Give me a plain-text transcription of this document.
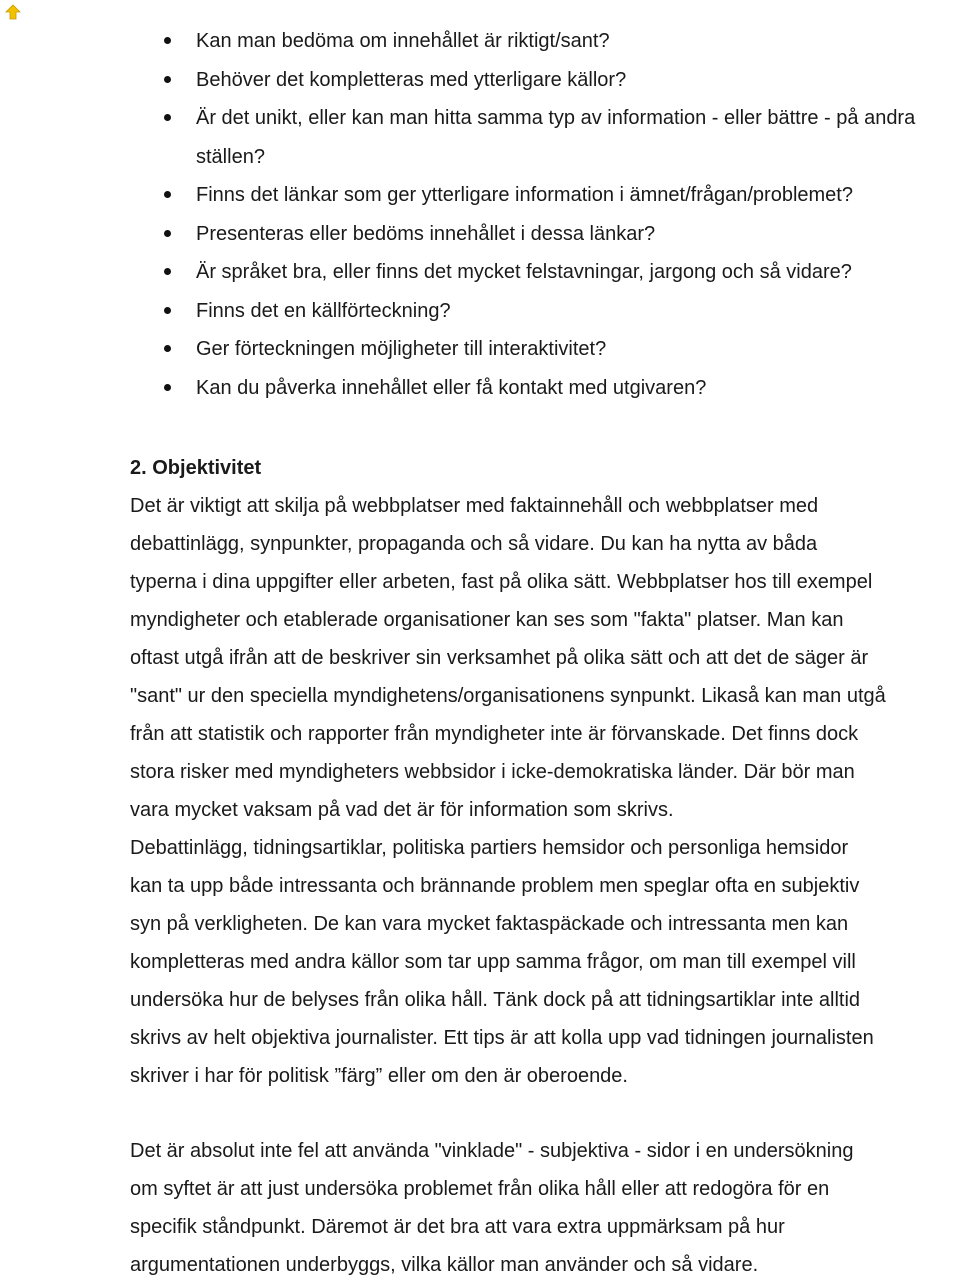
Kan man bedöma om innehållet är riktigt/sant?
Behöver det kompletteras med ytterligare källor?
Är det unikt, eller kan man hitta samma typ av information - eller bättre - på andra ställen?
Finns det länkar som ger ytterligare information i ämnet/frågan/problemet?
Presenteras eller bedöms innehållet i dessa länkar?
Är språket bra, eller finns det mycket felstavningar, jargong och så vidare?
Finns det en källförteckning?
Ger förteckningen möjligheter till interaktivitet?
Kan du påverka innehållet eller få kontakt med utgivaren?
2. Objektivitet

Det är viktigt att skilja på webbplatser med faktainnehåll och webbplatser med
debattinlägg, synpunkter, propaganda och så vidare. Du kan ha nytta av båda
typerna i dina uppgifter eller arbeten, fast på olika sätt. Webbplatser hos till exempel
myndigheter och etablerade organisationer kan ses som "fakta" platser. Man kan
oftast utgå ifrån att de beskriver sin verksamhet på olika sätt och att det de säger är
"sant" ur den speciella myndighetens/organisationens synpunkt. Likaså kan man utgå
från att statistik och rapporter från myndigheter inte är förvanskade. Det finns dock
stora risker med myndigheters webbsidor i icke-demokratiska länder. Där bör man
vara mycket vaksam på vad det är för information som skrivs.

Debattinlägg, tidningsartiklar, politiska partiers hemsidor och personliga hemsidor
kan ta upp både intressanta och brännande problem men speglar ofta en subjektiv
syn på verkligheten. De kan vara mycket faktaspäckade och intressanta men kan
kompletteras med andra källor som tar upp samma frågor, om man till exempel vill
undersöka hur de belyses från olika håll. Tänk dock på att tidningsartiklar inte alltid
skrivs av helt objektiva journalister. Ett tips är att kolla upp vad tidningen journalisten
skriver i har för politisk ”färg” eller om den är oberoende.

Det är absolut inte fel att använda "vinklade" - subjektiva - sidor i en undersökning
om syftet är att just undersöka problemet från olika håll eller att redogöra för en
specifik ståndpunkt. Däremot är det bra att vara extra uppmärksam på hur
argumentationen underbyggs, vilka källor man använder och så vidare.
